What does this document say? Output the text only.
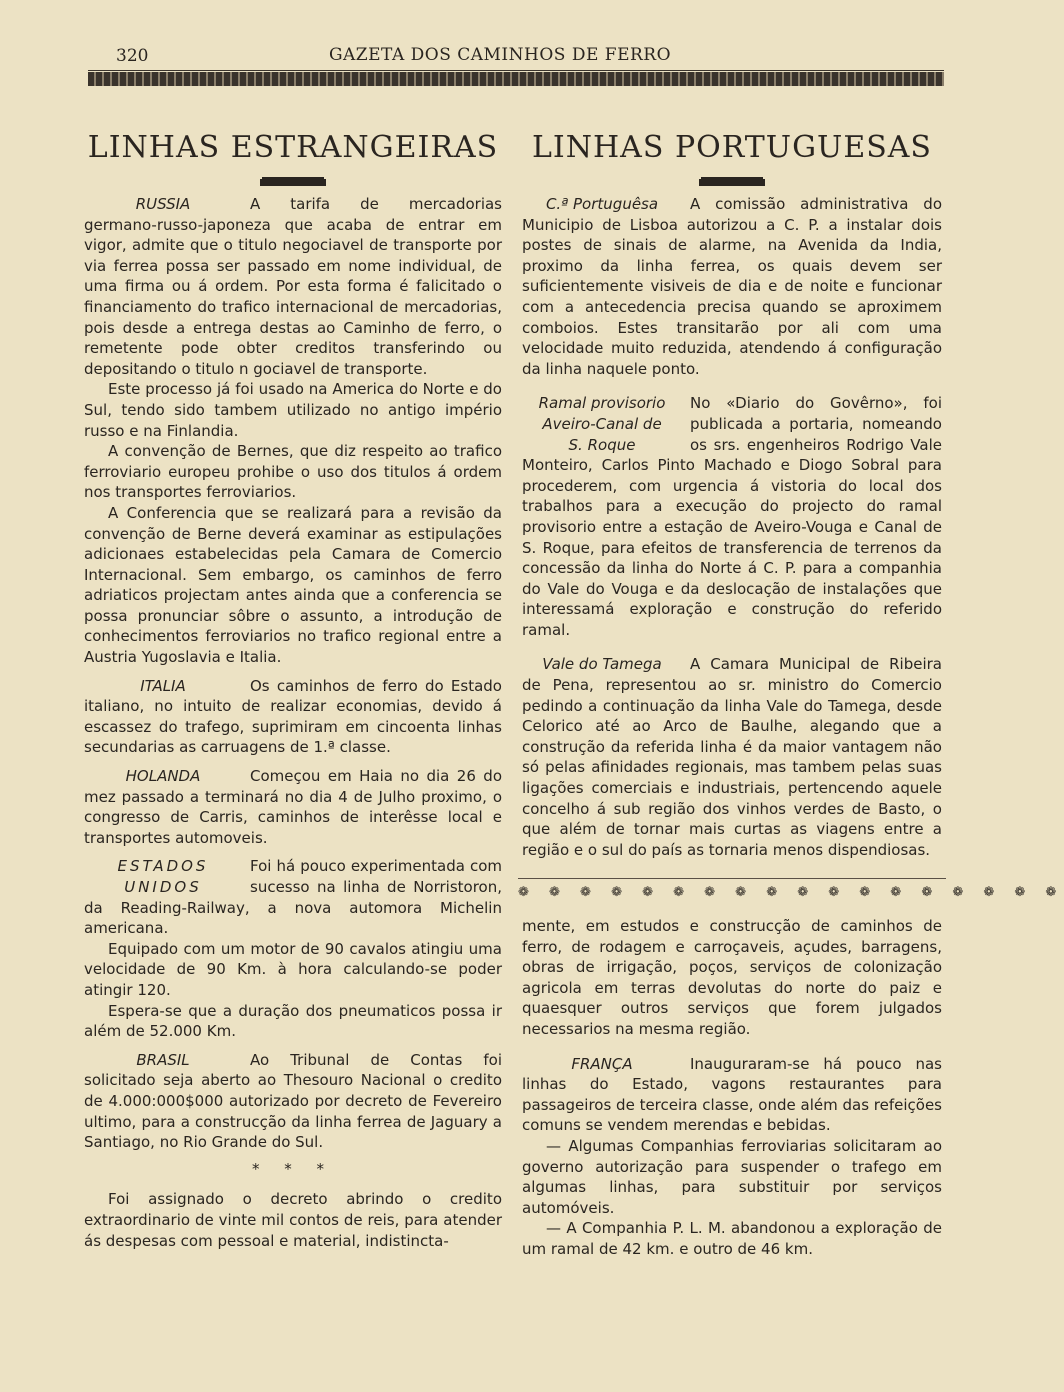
320	GAZETA DOS CAMINHOS DE FERRO
LINHAS ESTRANGEIRAS
RUSSIA	A tarifa de mercadorias germano-russo-japoneza que acaba de entrar em vigor, admite que o titulo negociavel de transporte por via ferrea possa ser passado em nome individual, de uma firma ou á ordem. Por esta forma é falicitado o financiamento do trafico internacional de mercadorias, pois desde a entrega destas ao Caminho de ferro, o remetente pode obter creditos transferindo ou depositando o titulo n gociavel de transporte.

Este processo já foi usado na America do Norte e do Sul, tendo sido tambem utilizado no antigo império russo e na Finlandia.

A convenção de Bernes, que diz respeito ao trafico ferroviario europeu prohibe o uso dos titulos á ordem nos transportes ferroviarios.

A Conferencia que se realizará para a revisão da convenção de Berne deverá examinar as estipulações adicionaes estabelecidas pela Camara de Comercio Internacional. Sem embargo, os caminhos de ferro adriaticos projectam antes ainda que a conferencia se possa pronunciar sôbre o assunto, a introdução de conhecimentos ferroviarios no trafico regional entre a Austria Yugoslavia e Italia.

ITALIA	Os caminhos de ferro do Estado italiano, no intuito de realizar economias, devido á escassez do trafego, suprimiram em cincoenta linhas secundarias as carruagens de 1.ª classe.

HOLANDA	Começou em Haia no dia 26 do mez passado a terminará no dia 4 de Julho proximo, o congresso de Carris, caminhos de interêsse local e transportes automoveis.

ESTADOS
UNIDOS

Foi há pouco experimentada com sucesso na linha de Norristoron, da Reading-Railway, a nova automora Michelin americana.

Equipado com um motor de 90 cavalos atingiu uma velocidade de 90 Km. à hora calculando-se poder atingir 120.

Espera-se que a duração dos pneumaticos possa ir além de 52.000 Km.

BRASIL	Ao Tribunal de Contas foi solicitado seja aberto ao Thesouro Nacional o credito de 4.000:000$000 autorizado por decreto de Fevereiro ultimo, para a construcção da linha ferrea de Jaguary a Santiago, no Rio Grande do Sul.

* * *

Foi assignado o decreto abrindo o credito extraordinario de vinte mil contos de reis, para atender ás despesas com pessoal e material, indistincta-

LINHAS PORTUGUESAS
C.ª Portuguêsa	A comissão administrativa do Municipio de Lisboa autorizou a C. P. a instalar dois postes de sinais de alarme, na Avenida da India, proximo da linha ferrea, os quais devem ser suficientemente visiveis de dia e de noite e funcionar com a antecedencia precisa quando se aproximem comboios. Estes transitarão por ali com uma velocidade muito reduzida, atendendo á configuração da linha naquele ponto.

Ramal provisorio
Aveiro-Canal de
S. Roque

No «Diario do Govêrno», foi publicada a portaria, nomeando os srs. engenheiros Rodrigo Vale Monteiro, Carlos Pinto Machado e Diogo Sobral para procederem, com urgencia á vistoria do local dos trabalhos para a execução do projecto do ramal provisorio entre a estação de Aveiro-Vouga e Canal de S. Roque, para efeitos de transferencia de terrenos da concessão da linha do Norte á C. P. para a companhia do Vale do Vouga e da deslocação de instalações que interessamá exploração e construção do referido ramal.

Vale do Tamega	A Camara Municipal de Ribeira de Pena, representou ao sr. ministro do Comercio pedindo a continuação da linha Vale do Tamega, desde Celorico até ao Arco de Baulhe, alegando que a construção da referida linha é da maior vantagem não só pelas afinidades regionais, mas tambem pelas suas ligações comerciais e industriais, pertencendo aquele concelho á sub região dos vinhos verdes de Basto, o que além de tornar mais curtas as viagens entre a região e o sul do país as tornaria menos dispendiosas.

❁ ❁ ❁ ❁ ❁ ❁ ❁ ❁ ❁ ❁ ❁ ❁ ❁ ❁ ❁ ❁ ❁ ❁

mente, em estudos e construcção de caminhos de ferro, de rodagem e carroçaveis, açudes, barragens, obras de irrigação, poços, serviços de colonização agricola em terras devolutas do norte do paiz e quaesquer outros serviços que forem julgados necessarios na mesma região.

FRANÇA	Inauguraram-se há pouco nas linhas do Estado, vagons restaurantes para passageiros de terceira classe, onde além das refeições comuns se vendem merendas e bebidas.

— Algumas Companhias ferroviarias solicitaram ao governo autorização para suspender o trafego em algumas linhas, para substituir por serviços automóveis.

— A Companhia P. L. M. abandonou a exploração de um ramal de 42 km. e outro de 46 km.
